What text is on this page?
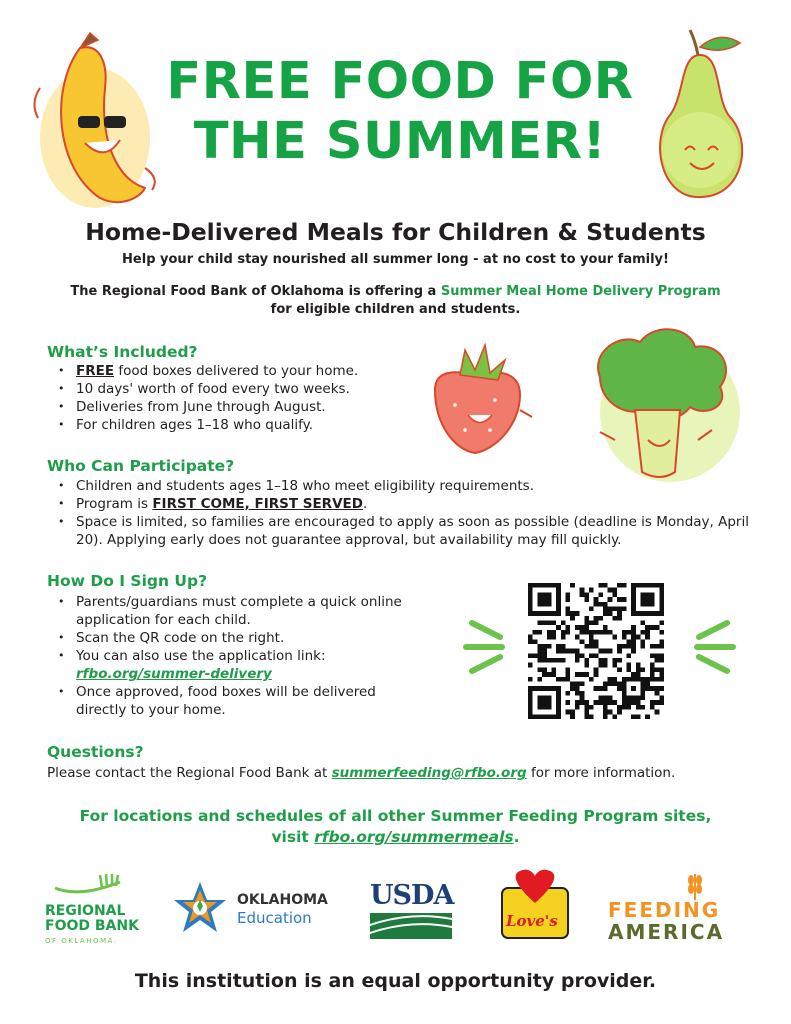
FREE FOOD FOR
THE SUMMER!
Home-Delivered Meals for Children & Students
Help your child stay nourished all summer long - at no cost to your family!
The Regional Food Bank of Oklahoma is offering a Summer Meal Home Delivery Program
for eligible children and students.
What’s Included?
• FREE food boxes delivered to your home.
• 10 days' worth of food every two weeks.
• Deliveries from June through August.
• For children ages 1–18 who qualify.
Who Can Participate?
• Children and students ages 1–18 who meet eligibility requirements.
• Program is FIRST COME, FIRST SERVED.
• Space is limited, so families are encouraged to apply as soon as possible (deadline is Monday, April 20). Applying early does not guarantee approval, but availability may fill quickly.
How Do I Sign Up?
• Parents/guardians must complete a quick online application for each child.
• Scan the QR code on the right.
• You can also use the application link:
rfbo.org/summer-delivery
• Once approved, food boxes will be delivered directly to your home.
Questions?
Please contact the Regional Food Bank at summerfeeding@rfbo.org for more information.
For locations and schedules of all other Summer Feeding Program sites,
visit rfbo.org/summermeals.
REGIONAL
FOOD BANK
OF OKLAHOMA.
OKLAHOMA
Education
USDA
Love's	FEEDING
AMERICA
This institution is an equal opportunity provider.
